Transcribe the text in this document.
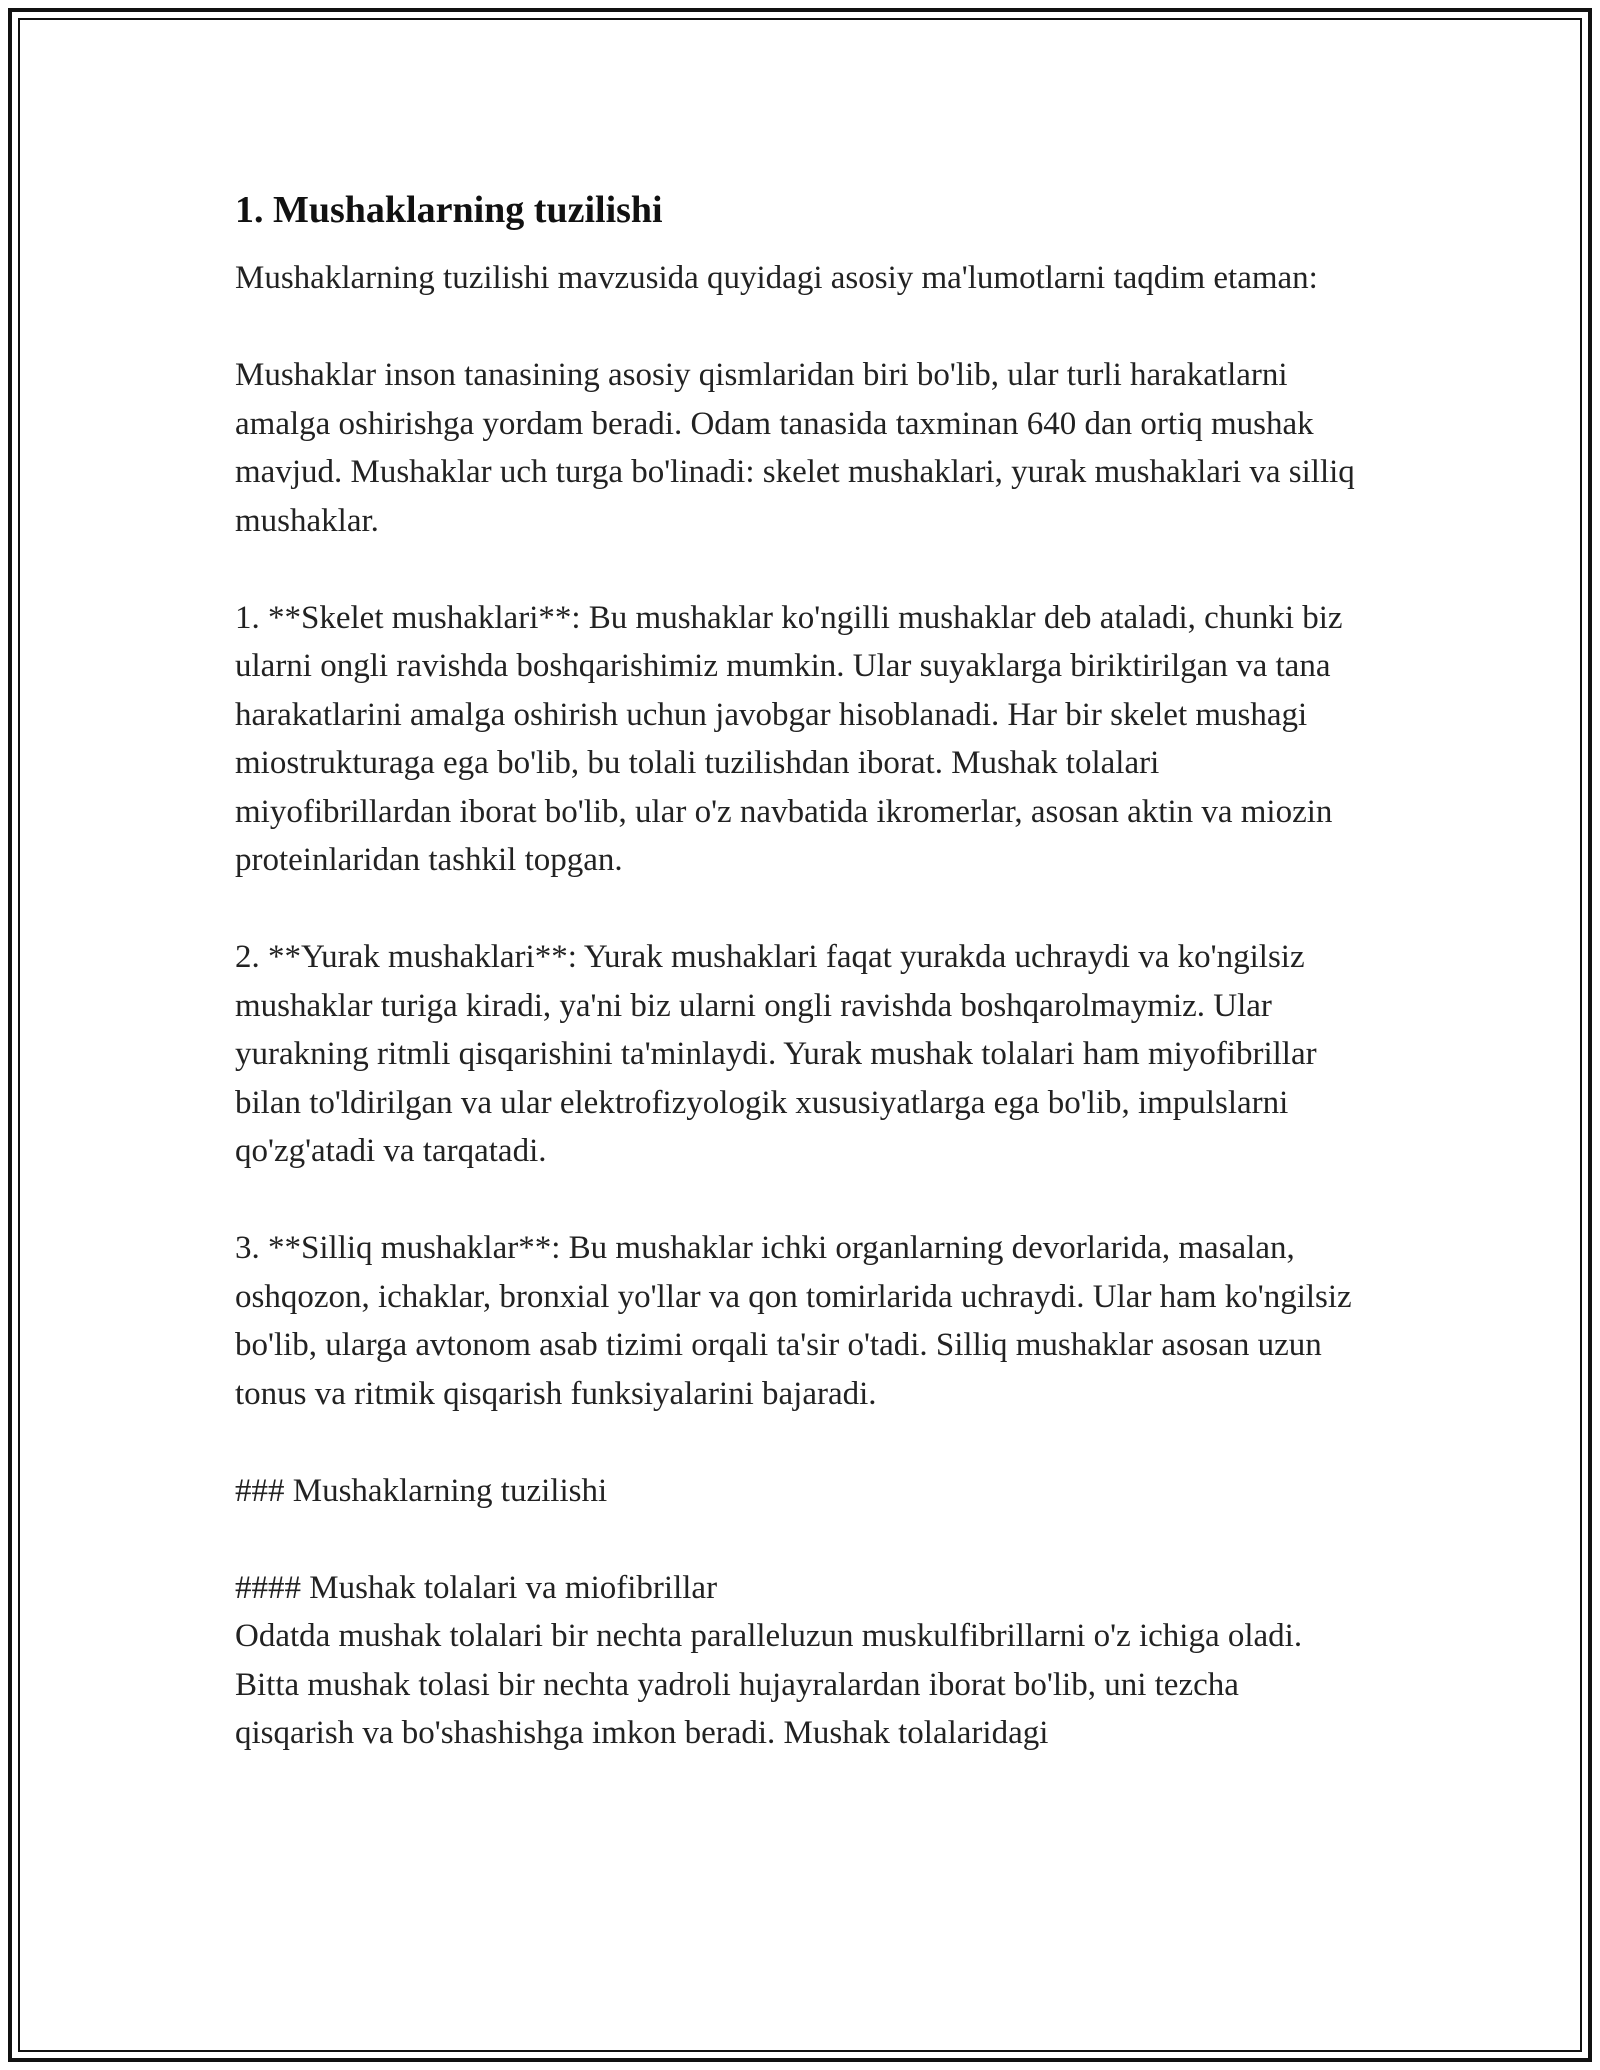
1. Mushaklarning tuzilishi

Mushaklarning tuzilishi mavzusida quyidagi asosiy ma'lumotlarni taqdim etaman:

Mushaklar inson tanasining asosiy qismlaridan biri bo'lib, ular turli harakatlarni amalga oshirishga yordam beradi. Odam tanasida taxminan 640 dan ortiq mushak mavjud. Mushaklar uch turga bo'linadi: skelet mushaklari, yurak mushaklari va silliq mushaklar.

1. **Skelet mushaklari**: Bu mushaklar ko'ngilli mushaklar deb ataladi, chunki biz ularni ongli ravishda boshqarishimiz mumkin. Ular suyaklarga biriktirilgan va tana harakatlarini amalga oshirish uchun javobgar hisoblanadi. Har bir skelet mushagi miostrukturaga ega bo'lib, bu tolali tuzilishdan iborat. Mushak tolalari miyofibrillardan iborat bo'lib, ular o'z navbatida ikromerlar, asosan aktin va miozin proteinlaridan tashkil topgan.

2. **Yurak mushaklari**: Yurak mushaklari faqat yurakda uchraydi va ko'ngilsiz mushaklar turiga kiradi, ya'ni biz ularni ongli ravishda boshqarolmaymiz. Ular yurakning ritmli qisqarishini ta'minlaydi. Yurak mushak tolalari ham miyofibrillar bilan to'ldirilgan va ular elektrofizyologik xususiyatlarga ega bo'lib, impulslarni qo'zg'atadi va tarqatadi.

3. **Silliq mushaklar**: Bu mushaklar ichki organlarning devorlarida, masalan, oshqozon, ichaklar, bronxial yo'llar va qon tomirlarida uchraydi. Ular ham ko'ngilsiz bo'lib, ularga avtonom asab tizimi orqali ta'sir o'tadi. Silliq mushaklar asosan uzun tonus va ritmik qisqarish funksiyalarini bajaradi.

### Mushaklarning tuzilishi

#### Mushak tolalari va miofibrillar

Odatda mushak tolalari bir nechta paralleluzun muskulfibrillarni o'z ichiga oladi. Bitta mushak tolasi bir nechta yadroli hujayralardan iborat bo'lib, uni tezcha qisqarish va bo'shashishga imkon beradi. Mushak tolalaridagi
